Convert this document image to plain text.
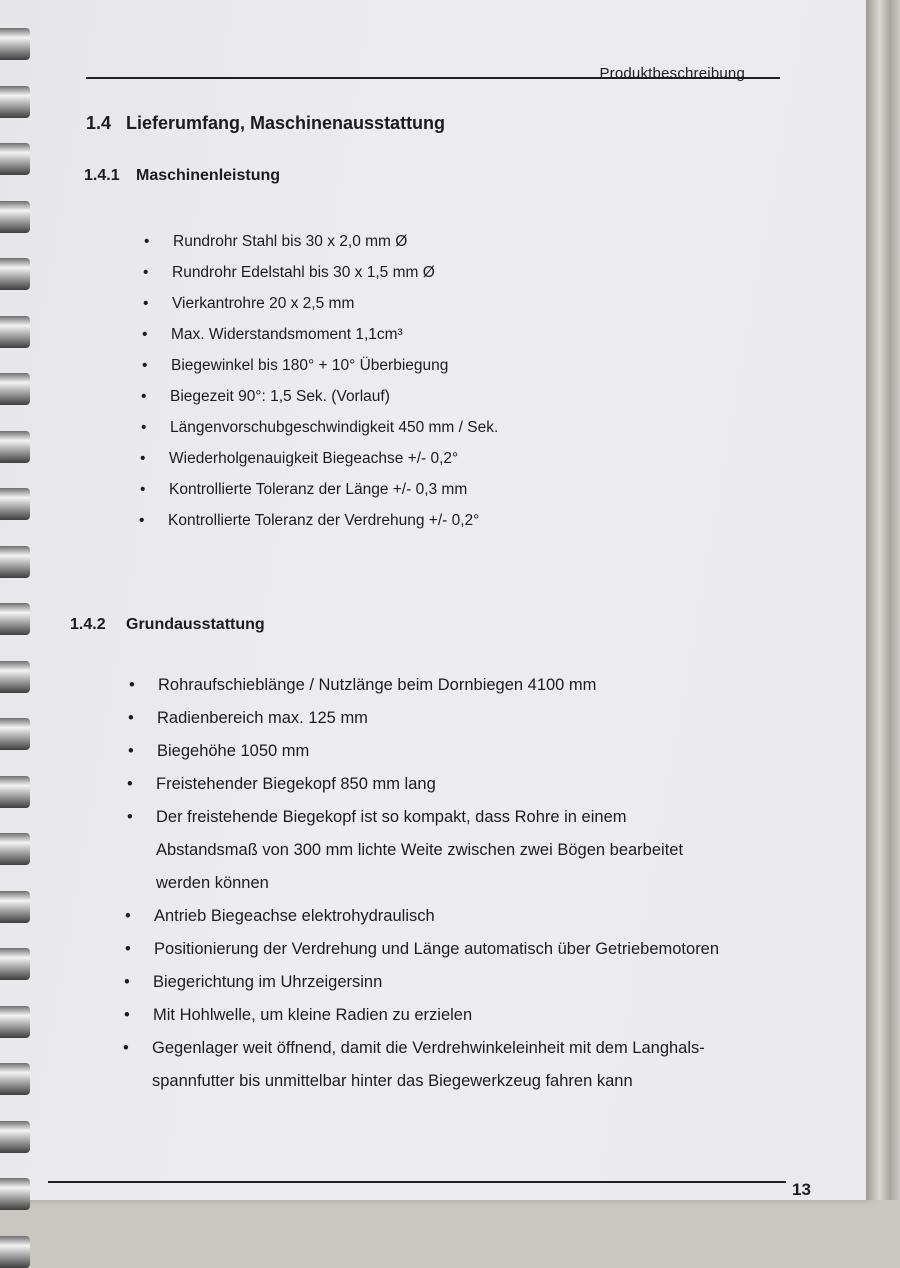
Produktbeschreibung
1.4 Lieferumfang, Maschinenausstattung
1.4.1 Maschinenleistung
• Rundrohr Stahl bis 30 x 2,0 mm Ø
• Rundrohr Edelstahl bis 30 x 1,5 mm Ø
• Vierkantrohre 20 x 2,5 mm
• Max. Widerstandsmoment 1,1cm³
• Biegewinkel bis 180° + 10° Überbiegung
• Biegezeit 90°: 1,5 Sek. (Vorlauf)
• Längenvorschubgeschwindigkeit 450 mm / Sek.
• Wiederholgenauigkeit Biegeachse +/- 0,2°
• Kontrollierte Toleranz der Länge +/- 0,3 mm
• Kontrollierte Toleranz der Verdrehung +/- 0,2°
1.4.2 Grundausstattung
• Rohraufschieblänge / Nutzlänge beim Dornbiegen 4100 mm
• Radienbereich max. 125 mm
• Biegehöhe 1050 mm
• Freistehender Biegekopf 850 mm lang
• Der freistehende Biegekopf ist so kompakt, dass Rohre in einem
Abstandsmaß von 300 mm lichte Weite zwischen zwei Bögen bearbeitet
werden können
• Antrieb Biegeachse elektrohydraulisch
• Positionierung der Verdrehung und Länge automatisch über Getriebemotoren
• Biegerichtung im Uhrzeigersinn
• Mit Hohlwelle, um kleine Radien zu erzielen
• Gegenlager weit öffnend, damit die Verdrehwinkeleinheit mit dem Langhals-
spannfutter bis unmittelbar hinter das Biegewerkzeug fahren kann
13
